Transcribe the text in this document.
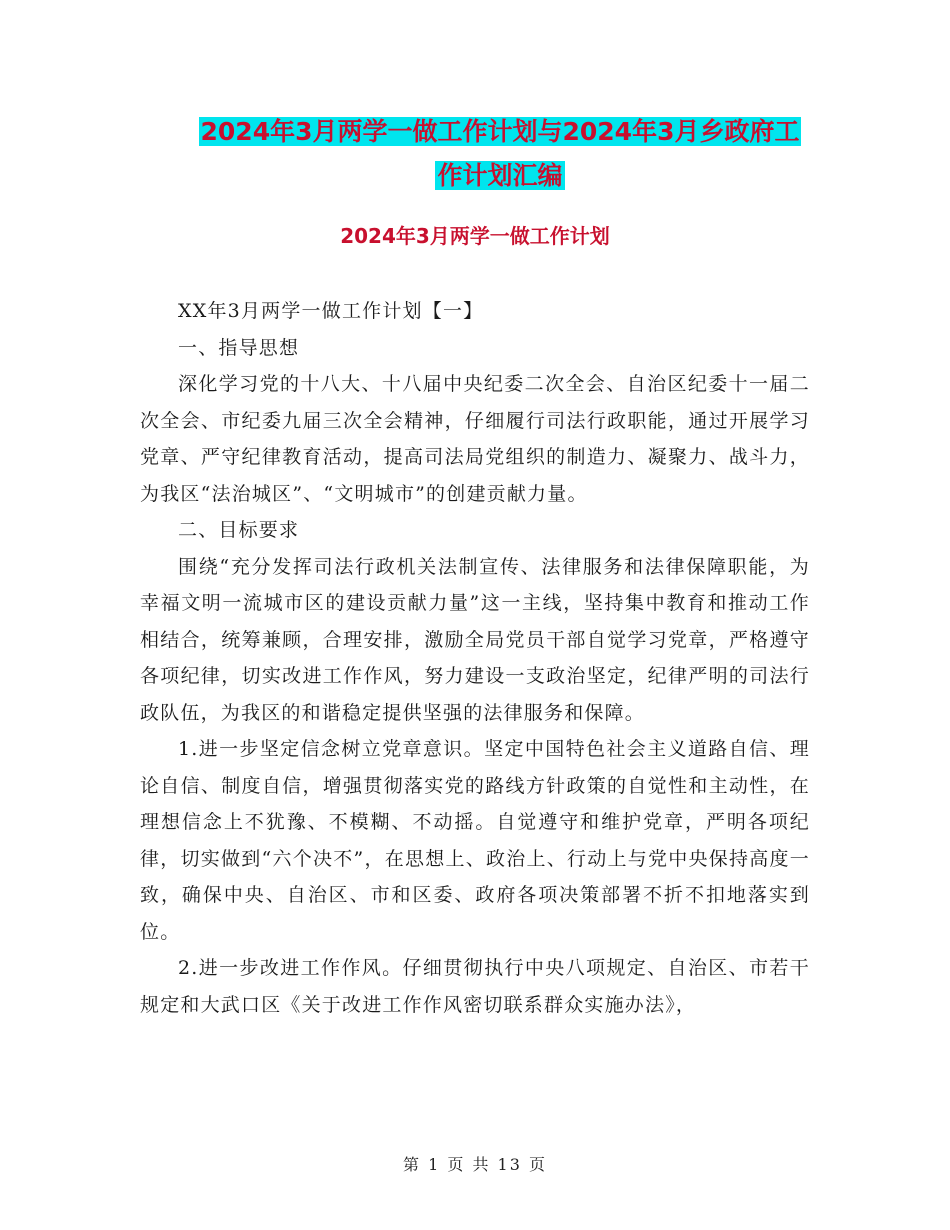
2024年3月两学一做工作计划与2024年3月乡政府工
作计划汇编
2024年3月两学一做工作计划

XX年3月两学一做工作计划【一】

一、指导思想

深化学习党的十八大、十八届中央纪委二次全会、自治区纪委十一届二次全会、市纪委九届三次全会精神，仔细履行司法行政职能，通过开展学习党章、严守纪律教育活动，提高司法局党组织的制造力、凝聚力、战斗力，为我区“法治城区”、“文明城市”的创建贡献力量。

二、目标要求

围绕“充分发挥司法行政机关法制宣传、法律服务和法律保障职能，为幸福文明一流城市区的建设贡献力量”这一主线，坚持集中教育和推动工作相结合，统筹兼顾，合理安排，激励全局党员干部自觉学习党章，严格遵守各项纪律，切实改进工作作风，努力建设一支政治坚定，纪律严明的司法行政队伍，为我区的和谐稳定提供坚强的法律服务和保障。

1.进一步坚定信念树立党章意识。坚定中国特色社会主义道路自信、理论自信、制度自信，增强贯彻落实党的路线方针政策的自觉性和主动性，在理想信念上不犹豫、不模糊、不动摇。自觉遵守和维护党章，严明各项纪律，切实做到“六个决不”，在思想上、政治上、行动上与党中央保持高度一致，确保中央、自治区、市和区委、政府各项决策部署不折不扣地落实到位。

2.进一步改进工作作风。仔细贯彻执行中央八项规定、自治区、市若干规定和大武口区《关于改进工作作风密切联系群众实施办法》，

第 1 页 共 13 页
